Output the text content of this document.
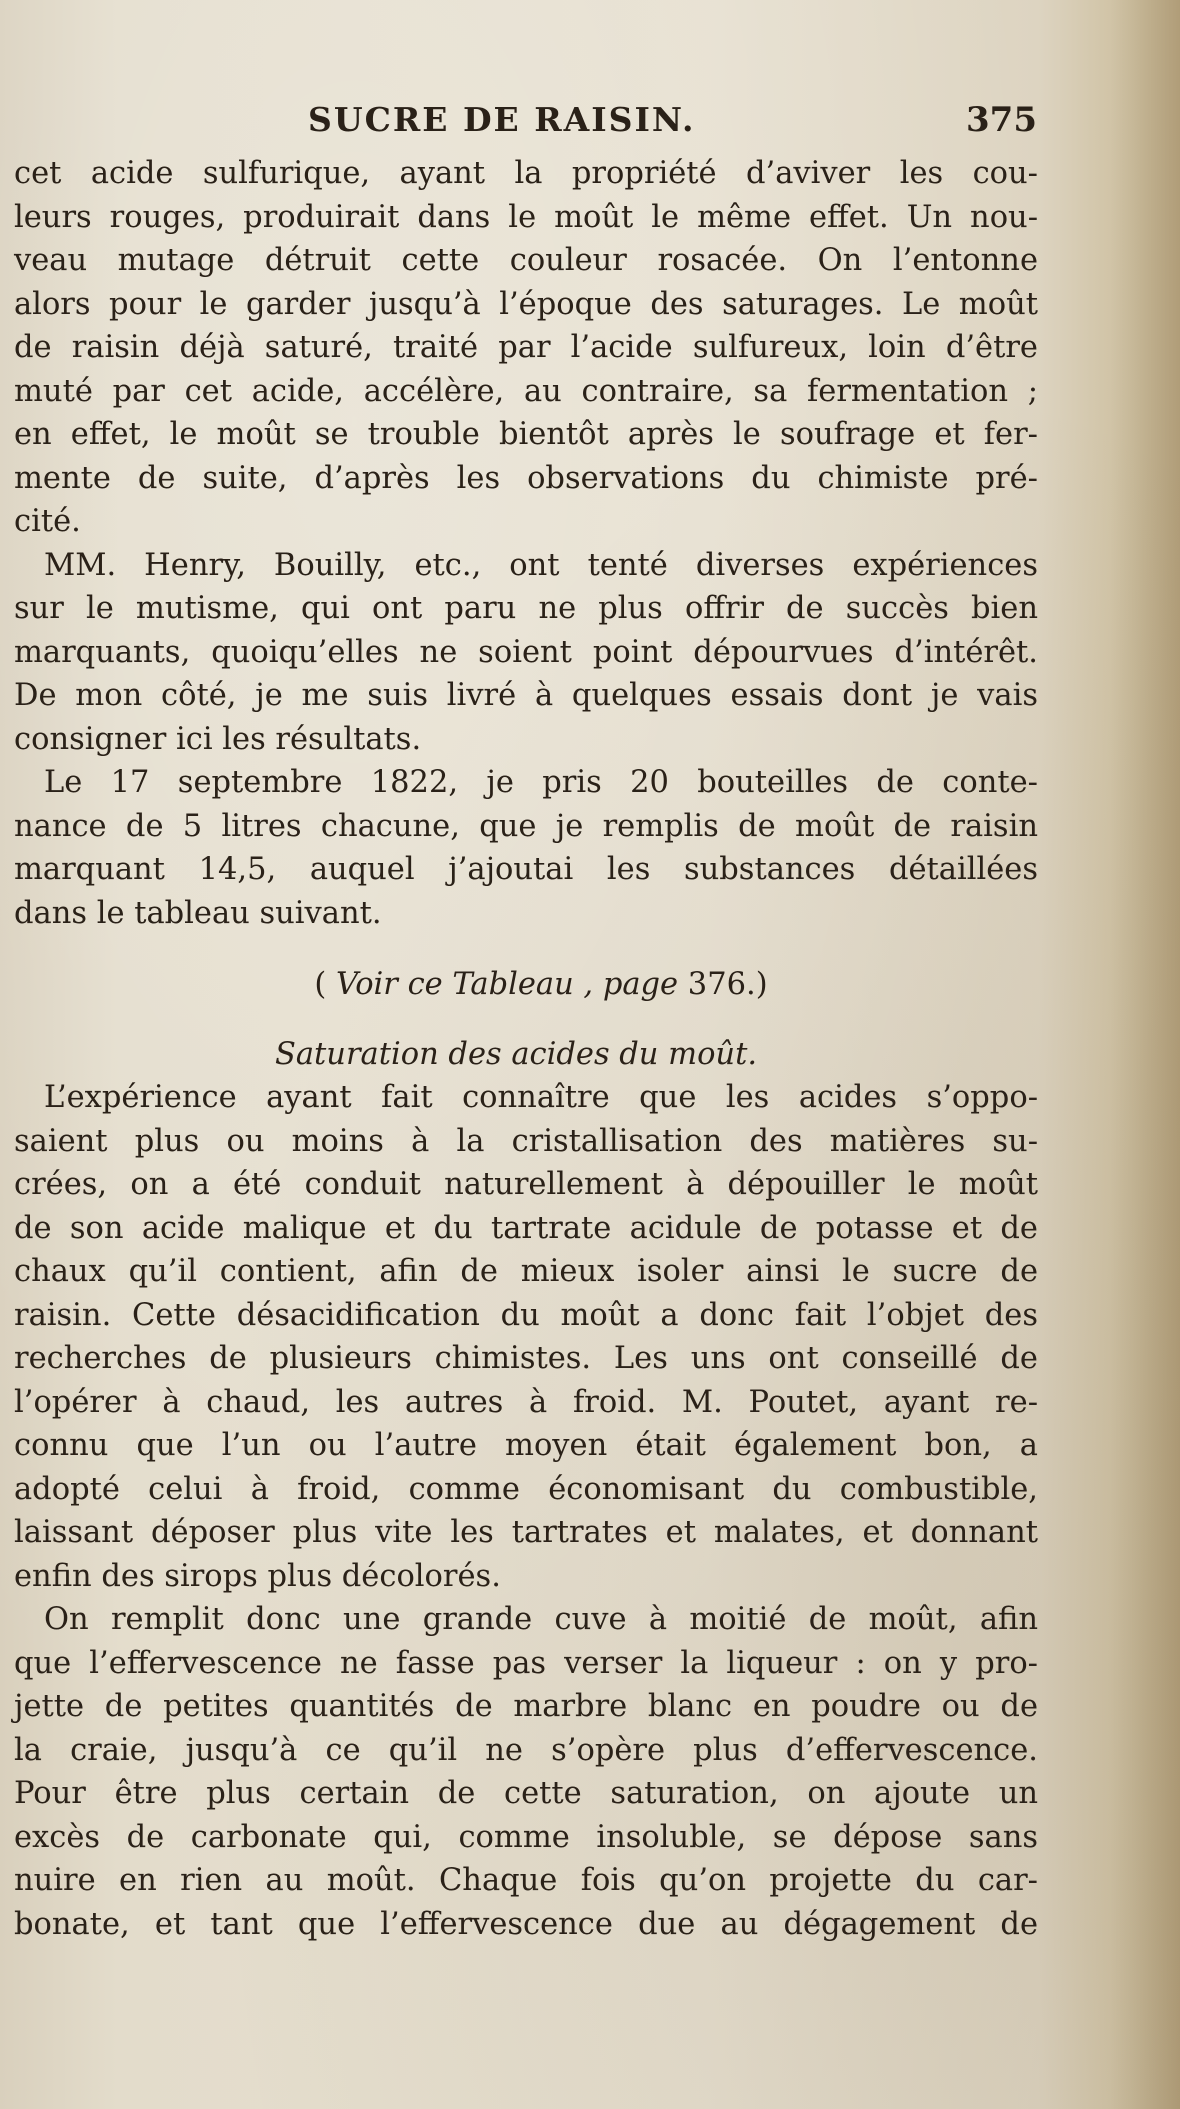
SUCRE DE RAISIN.	375
cet acide sulfurique, ayant la propriété d’aviver les cou-
leurs rouges, produirait dans le moût le même effet. Un nou-
veau mutage détruit cette couleur rosacée. On l’entonne
alors pour le garder jusqu’à l’époque des saturages. Le moût
de raisin déjà saturé, traité par l’acide sulfureux, loin d’être
muté par cet acide, accélère, au contraire, sa fermentation ;
en effet, le moût se trouble bientôt après le soufrage et fer-
mente de suite, d’après les observations du chimiste pré-
cité.
MM. Henry, Bouilly, etc., ont tenté diverses expériences
sur le mutisme, qui ont paru ne plus offrir de succès bien
marquants, quoiqu’elles ne soient point dépourvues d’intérêt.
De mon côté, je me suis livré à quelques essais dont je vais
consigner ici les résultats.
Le 17 septembre 1822, je pris 20 bouteilles de conte-
nance de 5 litres chacune, que je remplis de moût de raisin
marquant 14,5, auquel j’ajoutai les substances détaillées
dans le tableau suivant.
( Voir ce Tableau , page 376.)
Saturation des acides du moût.
L’expérience ayant fait connaître que les acides s’oppo-
saient plus ou moins à la cristallisation des matières su-
crées, on a été conduit naturellement à dépouiller le moût
de son acide malique et du tartrate acidule de potasse et de
chaux qu’il contient, afin de mieux isoler ainsi le sucre de
raisin. Cette désacidification du moût a donc fait l’objet des
recherches de plusieurs chimistes. Les uns ont conseillé de
l’opérer à chaud, les autres à froid. M. Poutet, ayant re-
connu que l’un ou l’autre moyen était également bon, a
adopté celui à froid, comme économisant du combustible,
laissant déposer plus vite les tartrates et malates, et donnant
enfin des sirops plus décolorés.
On remplit donc une grande cuve à moitié de moût, afin
que l’effervescence ne fasse pas verser la liqueur : on y pro-
jette de petites quantités de marbre blanc en poudre ou de
la craie, jusqu’à ce qu’il ne s’opère plus d’effervescence.
Pour être plus certain de cette saturation, on ajoute un
excès de carbonate qui, comme insoluble, se dépose sans
nuire en rien au moût. Chaque fois qu’on projette du car-
bonate, et tant que l’effervescence due au dégagement de
